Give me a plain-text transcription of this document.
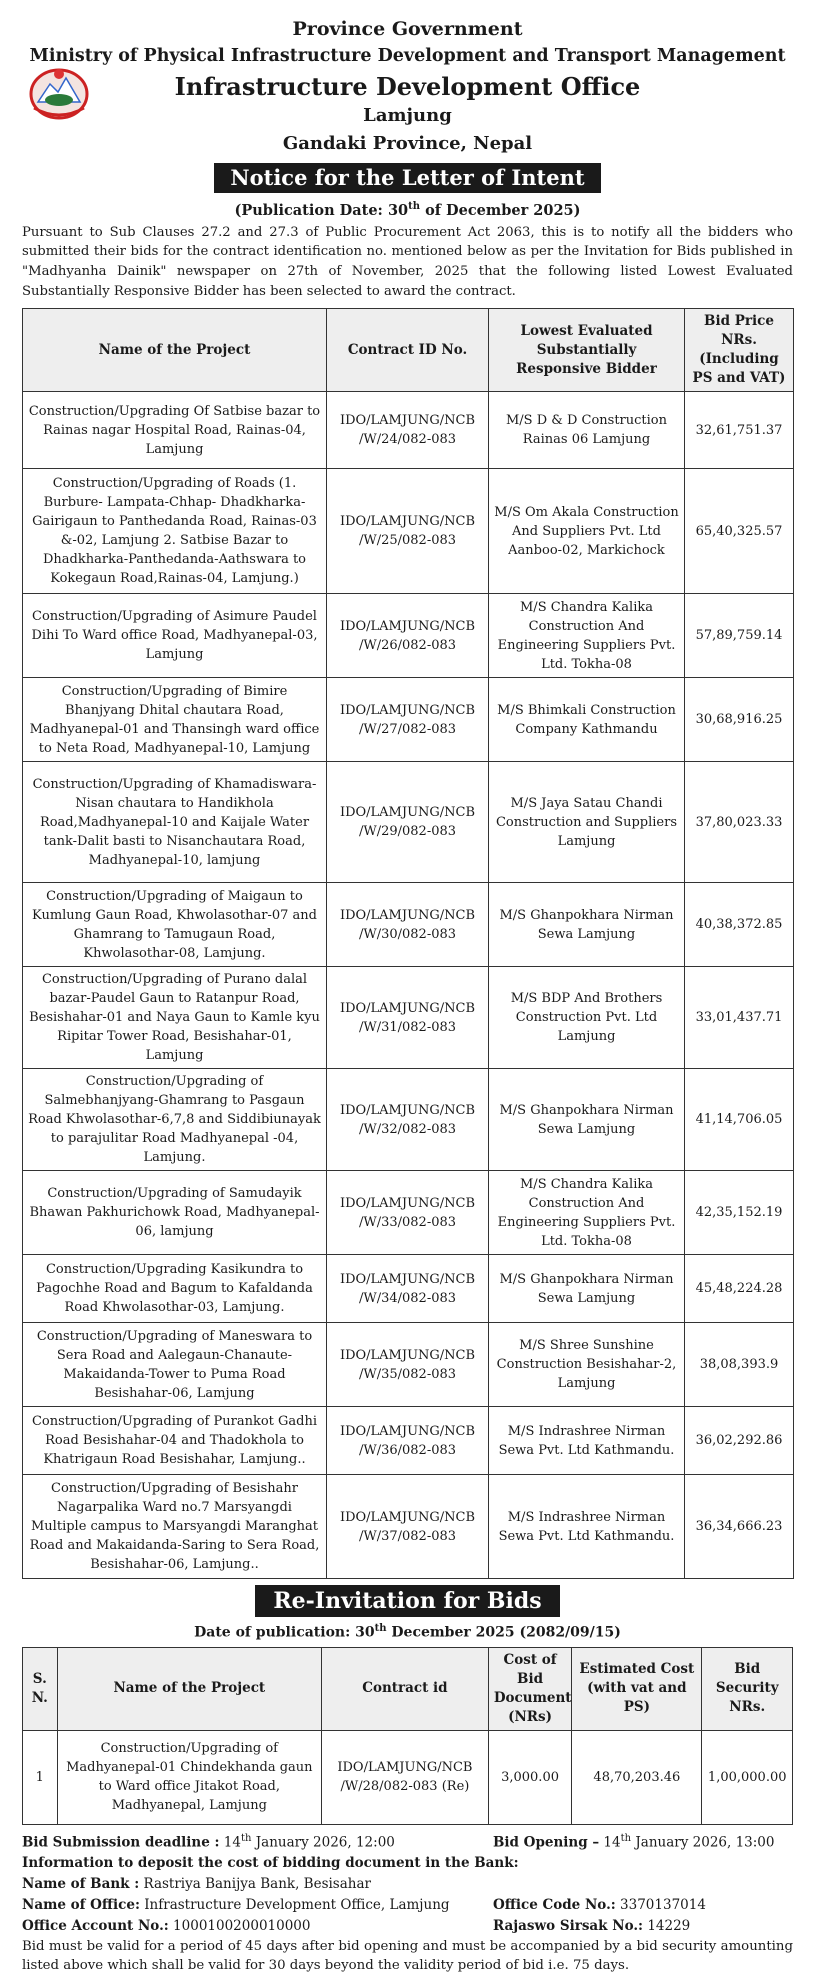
Province Government
Ministry of Physical Infrastructure Development and Transport Management
Infrastructure Development Office
Lamjung
Gandaki Province, Nepal
Notice for the Letter of Intent
(Publication Date: 30th of December 2025)

Pursuant to Sub Clauses 27.2 and 27.3 of Public Procurement Act 2063, this is to notify all the bidders who submitted their bids for the contract identification no. mentioned below as per the Invitation for Bids published in "Madhyanha Dainik" newspaper on 27th of November, 2025 that the following listed Lowest Evaluated Substantially Responsive Bidder has been selected to award the contract.

Name of the Project	Contract ID No.	Lowest Evaluated Substantially Responsive Bidder	Bid Price NRs. (Including PS and VAT)
Construction/Upgrading Of Satbise bazar to Rainas nagar Hospital Road, Rainas-04, Lamjung	IDO/LAMJUNG/NCB /W/24/082-083	M/S D & D Construction Rainas 06 Lamjung	32,61,751.37
Construction/Upgrading of Roads (1. Burbure- Lampata-Chhap- Dhadkharka-Gairigaun to Panthedanda Road, Rainas-03 &-02, Lamjung 2. Satbise Bazar to Dhadkharka-Panthedanda-Aathswara to Kokegaun Road,Rainas-04, Lamjung.)	IDO/LAMJUNG/NCB /W/25/082-083	M/S Om Akala Construction And Suppliers Pvt. Ltd Aanboo-02, Markichock	65,40,325.57
Construction/Upgrading of Asimure Paudel Dihi To Ward office Road, Madhyanepal-03, Lamjung	IDO/LAMJUNG/NCB /W/26/082-083	M/S Chandra Kalika Construction And Engineering Suppliers Pvt. Ltd. Tokha-08	57,89,759.14
Construction/Upgrading of Bimire Bhanjyang Dhital chautara Road, Madhyanepal-01 and Thansingh ward office to Neta Road, Madhyanepal-10, Lamjung	IDO/LAMJUNG/NCB /W/27/082-083	M/S Bhimkali Construction Company Kathmandu	30,68,916.25
Construction/Upgrading of Khamadiswara-Nisan chautara to Handikhola Road,Madhyanepal-10 and Kaijale Water tank-Dalit basti to Nisanchautara Road, Madhyanepal-10, lamjung	IDO/LAMJUNG/NCB /W/29/082-083	M/S Jaya Satau Chandi Construction and Suppliers Lamjung	37,80,023.33
Construction/Upgrading of Maigaun to Kumlung Gaun Road, Khwolasothar-07 and Ghamrang to Tamugaun Road, Khwolasothar-08, Lamjung.	IDO/LAMJUNG/NCB /W/30/082-083	M/S Ghanpokhara Nirman Sewa Lamjung	40,38,372.85
Construction/Upgrading of Purano dalal bazar-Paudel Gaun to Ratanpur Road, Besishahar-01 and Naya Gaun to Kamle kyu Ripitar Tower Road, Besishahar-01, Lamjung	IDO/LAMJUNG/NCB /W/31/082-083	M/S BDP And Brothers Construction Pvt. Ltd Lamjung	33,01,437.71
Construction/Upgrading of Salmebhanjyang-Ghamrang to Pasgaun Road Khwolasothar-6,7,8 and Siddibiunayak to parajulitar Road Madhyanepal -04, Lamjung.	IDO/LAMJUNG/NCB /W/32/082-083	M/S Ghanpokhara Nirman Sewa Lamjung	41,14,706.05
Construction/Upgrading of Samudayik Bhawan Pakhurichowk Road, Madhyanepal-06, lamjung	IDO/LAMJUNG/NCB /W/33/082-083	M/S Chandra Kalika Construction And Engineering Suppliers Pvt. Ltd. Tokha-08	42,35,152.19
Construction/Upgrading Kasikundra to Pagochhe Road and Bagum to Kafaldanda Road Khwolasothar-03, Lamjung.	IDO/LAMJUNG/NCB /W/34/082-083	M/S Ghanpokhara Nirman Sewa Lamjung	45,48,224.28
Construction/Upgrading of Maneswara to Sera Road and Aalegaun-Chanaute-Makaidanda-Tower to Puma Road Besishahar-06, Lamjung	IDO/LAMJUNG/NCB /W/35/082-083	M/S Shree Sunshine Construction Besishahar-2, Lamjung	38,08,393.9
Construction/Upgrading of Purankot Gadhi Road Besishahar-04 and Thadokhola to Khatrigaun Road Besishahar, Lamjung..	IDO/LAMJUNG/NCB /W/36/082-083	M/S Indrashree Nirman Sewa Pvt. Ltd Kathmandu.	36,02,292.86
Construction/Upgrading of Besishahr Nagarpalika Ward no.7 Marsyangdi Multiple campus to Marsyangdi Maranghat Road and Makaidanda-Saring to Sera Road, Besishahar-06, Lamjung..	IDO/LAMJUNG/NCB /W/37/082-083	M/S Indrashree Nirman Sewa Pvt. Ltd Kathmandu.	36,34,666.23
Re-Invitation for Bids
Date of publication: 30th December 2025 (2082/09/15)
S. N.	Name of the Project	Contract id	Cost of Bid Document (NRs)	Estimated Cost (with vat and PS)	Bid Security NRs.
1	Construction/Upgrading of Madhyanepal-01 Chindekhanda gaun to Ward office Jitakot Road, Madhyanepal, Lamjung	IDO/LAMJUNG/NCB /W/28/082-083 (Re)	3,000.00	48,70,203.46	1,00,000.00
Bid Submission deadline : 14th January 2026, 12:00	Bid Opening – 14th January 2026, 13:00
Information to deposit the cost of bidding document in the Bank:
Name of Bank : Rastriya Banijya Bank, Besisahar
Name of Office: Infrastructure Development Office, Lamjung	Office Code No.: 3370137014
Office Account No.: 1000100200010000	Rajaswo Sirsak No.: 14229
Bid must be valid for a period of 45 days after bid opening and must be accompanied by a bid security amounting listed above which shall be valid for 30 days beyond the validity period of bid i.e. 75 days.
